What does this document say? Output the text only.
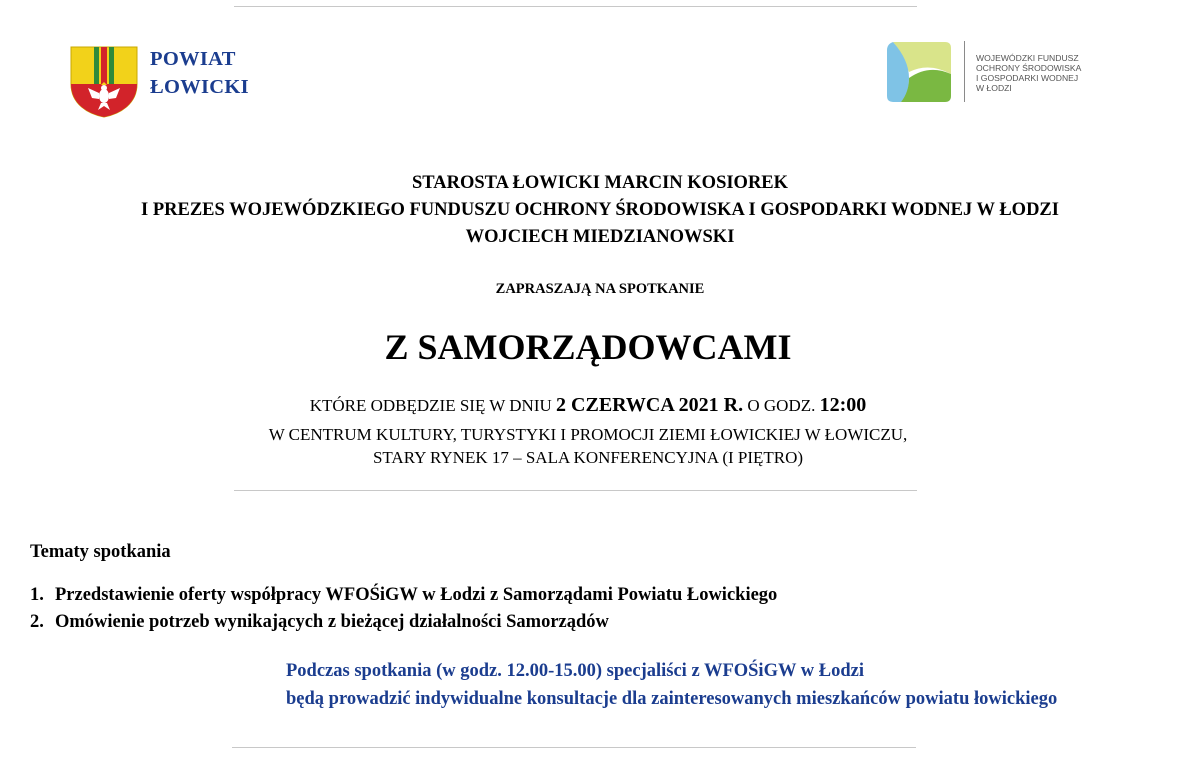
POWIAT
ŁOWICKI
WOJEWÓDZKI FUNDUSZ
OCHRONY ŚRODOWISKA
I GOSPODARKI WODNEJ
W ŁODZI
STAROSTA ŁOWICKI MARCIN KOSIOREK
I PREZES WOJEWÓDZKIEGO FUNDUSZU OCHRONY ŚRODOWISKA I GOSPODARKI WODNEJ W ŁODZI
WOJCIECH MIEDZIANOWSKI
ZAPRASZAJĄ NA SPOTKANIE
Z SAMORZĄDOWCAMI
KTÓRE ODBĘDZIE SIĘ W DNIU 2 CZERWCA 2021 R. O GODZ. 12:00
W CENTRUM KULTURY, TURYSTYKI I PROMOCJI ZIEMI ŁOWICKIEJ W ŁOWICZU,
STARY RYNEK 17 – SALA KONFERENCYJNA (I PIĘTRO)
Tematy spotkania
1. Przedstawienie oferty współpracy WFOŚiGW w Łodzi z Samorządami Powiatu Łowickiego
2. Omówienie potrzeb wynikających z bieżącej działalności Samorządów
Podczas spotkania (w godz. 12.00-15.00) specjaliści z WFOŚiGW w Łodzi
będą prowadzić indywidualne konsultacje dla zainteresowanych mieszkańców powiatu łowickiego
